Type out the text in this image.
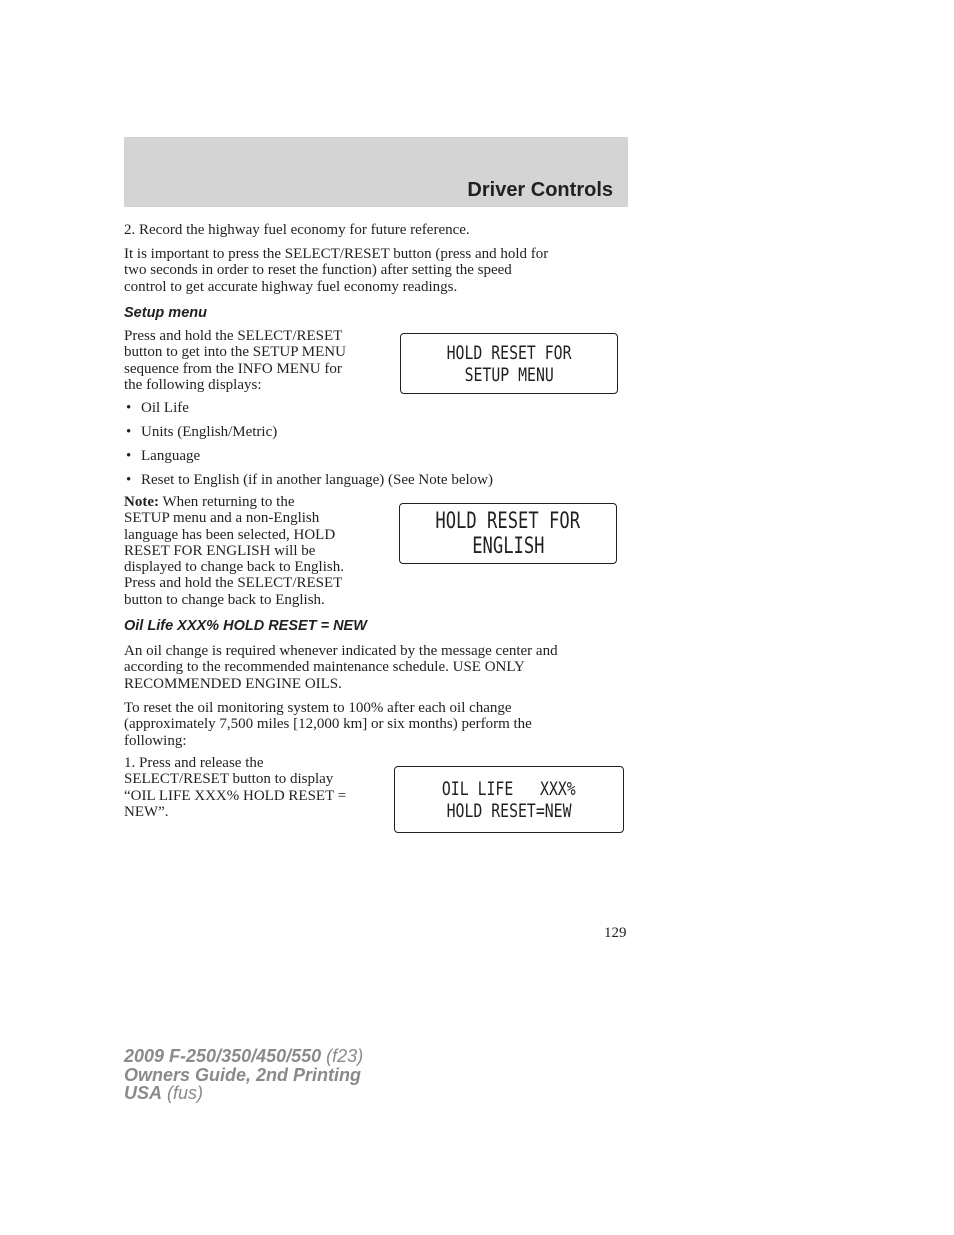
Driver Controls

2. Record the highway fuel economy for future reference.

It is important to press the SELECT/RESET button (press and hold for
two seconds in order to reset the function) after setting the speed
control to get accurate highway fuel economy readings.
Setup menu
Press and hold the SELECT/RESET
button to get into the SETUP MENU
sequence from the INFO MENU for
the following displays:
HOLD RESET FOR
SETUP MENU
• Oil Life
• Units (English/Metric)
• Language
• Reset to English (if in another language) (See Note below)
Note: When returning to the
SETUP menu and a non-English
language has been selected, HOLD
RESET FOR ENGLISH will be
displayed to change back to English.
Press and hold the SELECT/RESET
button to change back to English.
HOLD RESET FOR
ENGLISH
Oil Life XXX% HOLD RESET = NEW
An oil change is required whenever indicated by the message center and
according to the recommended maintenance schedule. USE ONLY
RECOMMENDED ENGINE OILS.
To reset the oil monitoring system to 100% after each oil change
(approximately 7,500 miles [12,000 km] or six months) perform the
following:
1. Press and release the
SELECT/RESET button to display
“OIL LIFE XXX% HOLD RESET =
NEW”.
OIL LIFE   XXX%
HOLD RESET=NEW
129
2009 F-250/350/450/550 (f23)
Owners Guide, 2nd Printing
USA (fus)
